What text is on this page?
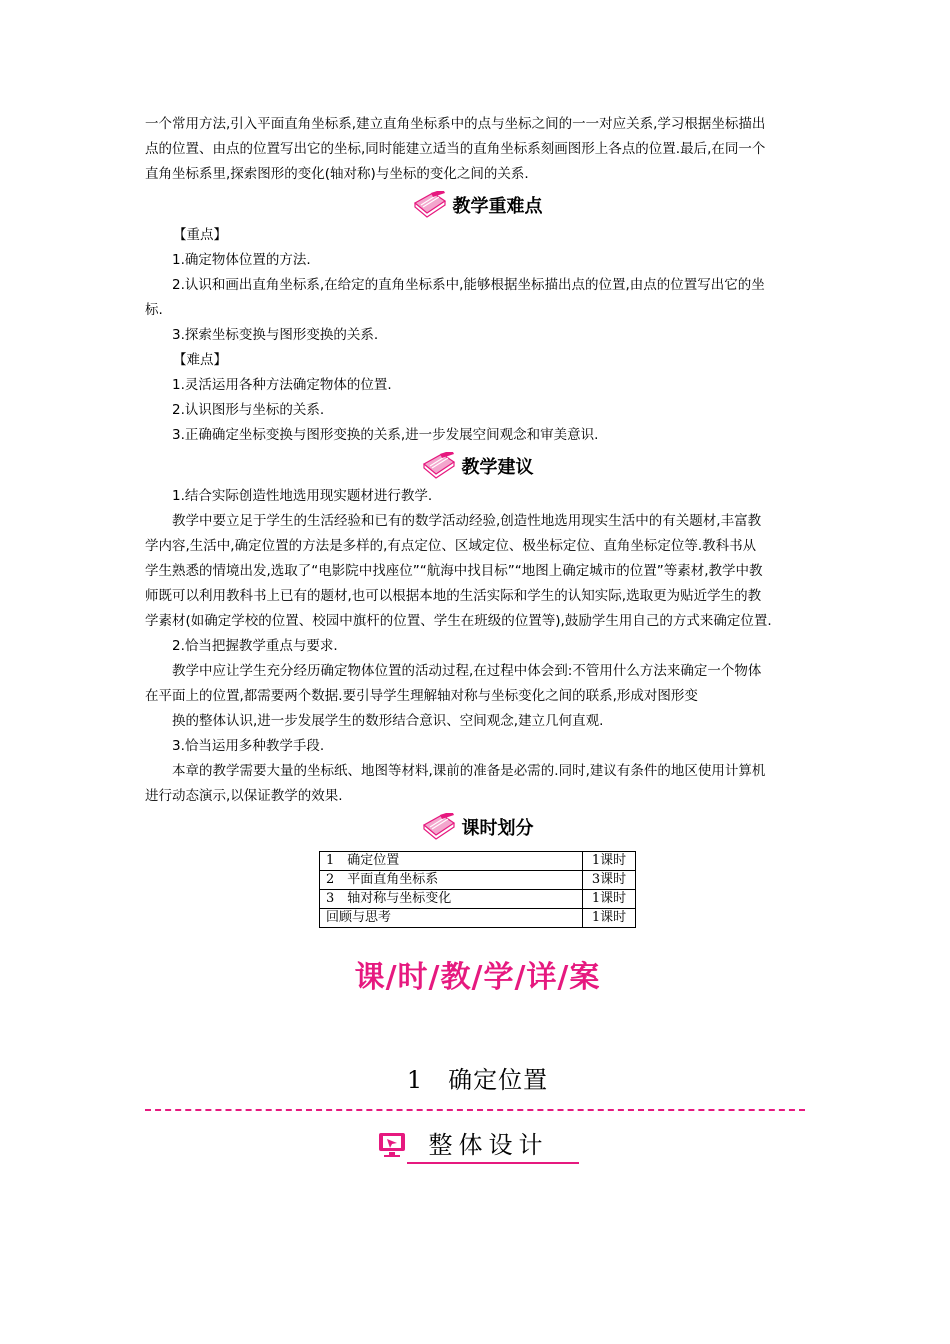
一个常用方法,引入平面直角坐标系,建立直角坐标系中的点与坐标之间的一一对应关系,学习根据坐标描出

点的位置、由点的位置写出它的坐标,同时能建立适当的直角坐标系刻画图形上各点的位置.最后,在同一个

直角坐标系里,探索图形的变化(轴对称)与坐标的变化之间的关系.

教学重难点

【重点】

1.确定物体位置的方法.

2.认识和画出直角坐标系,在给定的直角坐标系中,能够根据坐标描出点的位置,由点的位置写出它的坐

标.

3.探索坐标变换与图形变换的关系.

【难点】

1.灵活运用各种方法确定物体的位置.

2.认识图形与坐标的关系.

3.正确确定坐标变换与图形变换的关系,进一步发展空间观念和审美意识.

教学建议

1.结合实际创造性地选用现实题材进行教学.

教学中要立足于学生的生活经验和已有的数学活动经验,创造性地选用现实生活中的有关题材,丰富教

学内容,生活中,确定位置的方法是多样的,有点定位、区域定位、极坐标定位、直角坐标定位等.教科书从

学生熟悉的情境出发,选取了“电影院中找座位”“航海中找目标”“地图上确定城市的位置”等素材,教学中教

师既可以利用教科书上已有的题材,也可以根据本地的生活实际和学生的认知实际,选取更为贴近学生的教

学素材(如确定学校的位置、校园中旗杆的位置、学生在班级的位置等),鼓励学生用自己的方式来确定位置.

2.恰当把握教学重点与要求.

教学中应让学生充分经历确定物体位置的活动过程,在过程中体会到:不管用什么方法来确定一个物体

在平面上的位置,都需要两个数据.要引导学生理解轴对称与坐标变化之间的联系,形成对图形变

换的整体认识,进一步发展学生的数形结合意识、空间观念,建立几何直观.

3.恰当运用多种教学手段.

本章的教学需要大量的坐标纸、地图等材料,课前的准备是必需的.同时,建议有条件的地区使用计算机

进行动态演示,以保证教学的效果.

课时划分
1　确定位置	1课时
2　平面直角坐标系	3课时
3　轴对称与坐标变化	1课时
回顾与思考	1课时
课/时/教/学/详/案
1　确定位置
整体设计
